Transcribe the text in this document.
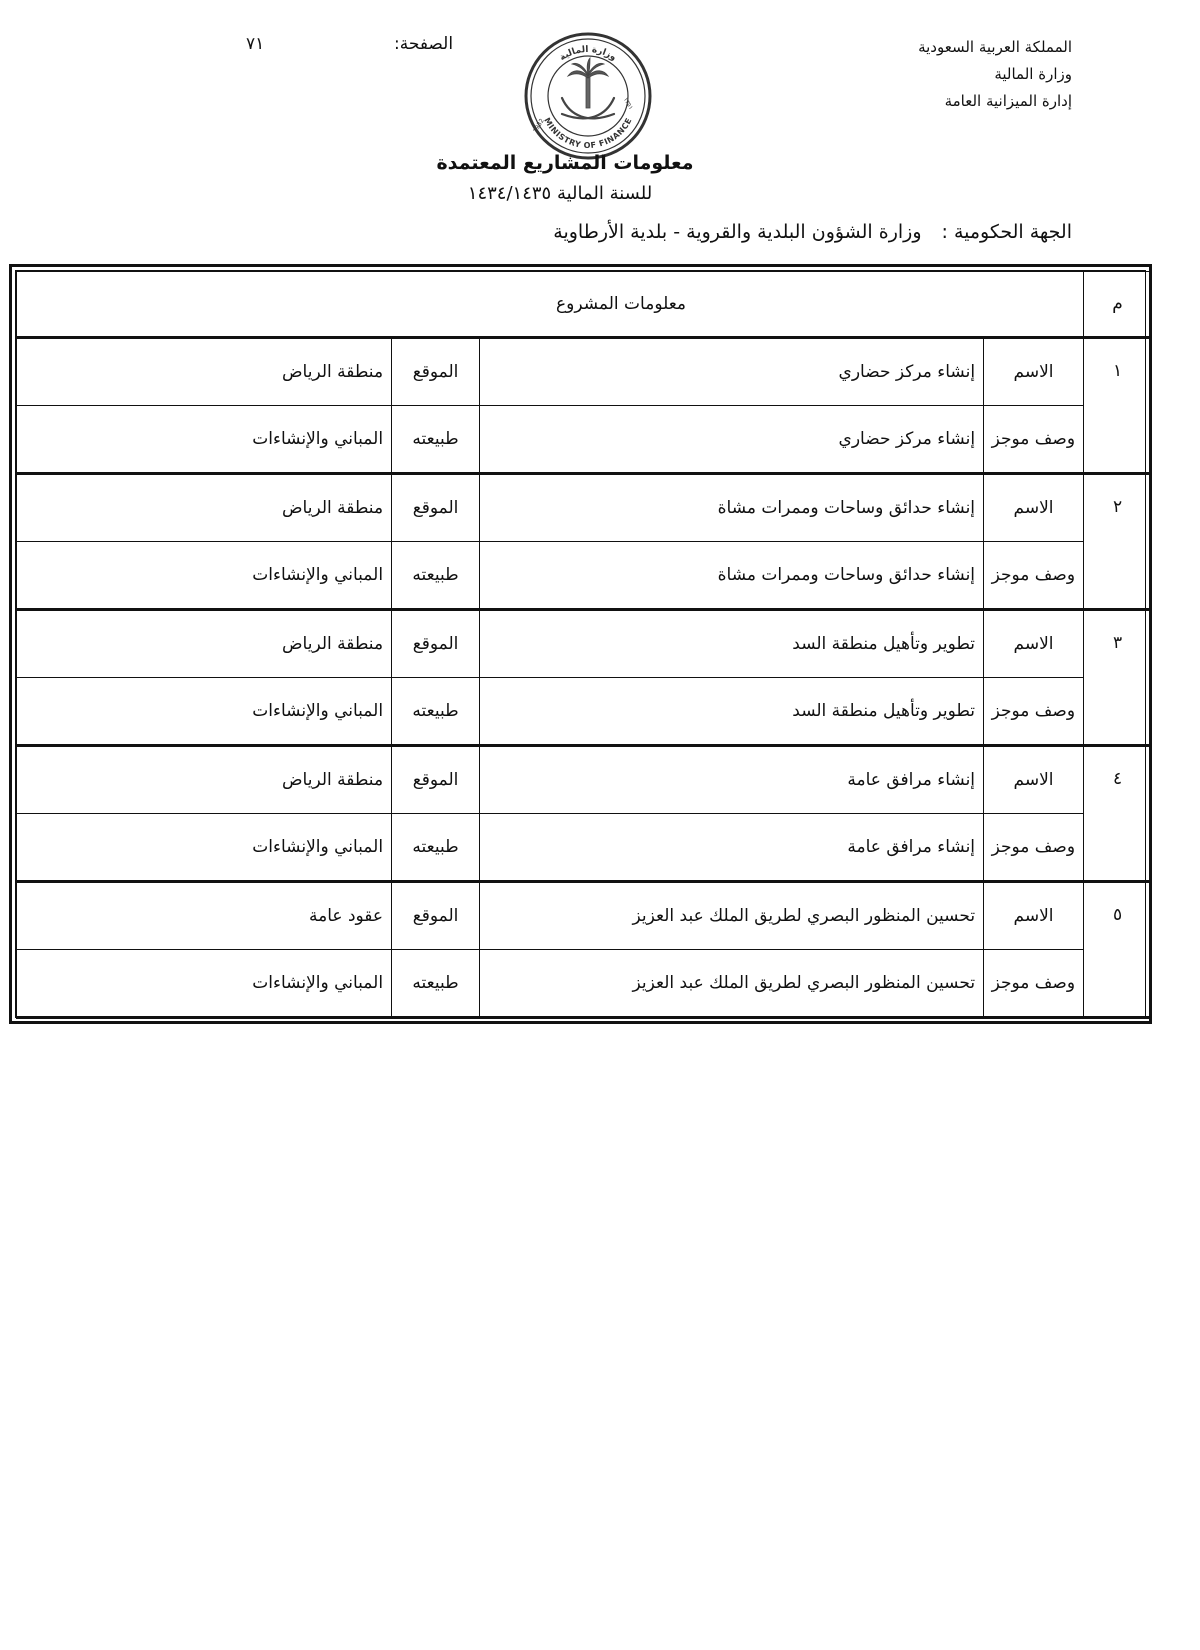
المملكة العربية السعودية
وزارة المالية
إدارة الميزانية العامة
الصفحة:
٧١
وزارة المالية
MINISTRY OF FINANCE
1932
١٣٥١
معلومات المشاريع المعتمدة
للسنة المالية ١٤٣٤/١٤٣٥
الجهة الحكومية :وزارة الشؤون البلدية والقروية - بلدية الأرطاوية
م	معلومات المشروع			
١	الاسم	إنشاء مركز حضاري	الموقع	منطقة الرياض
	وصف موجز	إنشاء مركز حضاري	طبيعته	المباني والإنشاءات
٢	الاسم	إنشاء حدائق وساحات وممرات مشاة	الموقع	منطقة الرياض
	وصف موجز	إنشاء حدائق وساحات وممرات مشاة	طبيعته	المباني والإنشاءات
٣	الاسم	تطوير وتأهيل منطقة السد	الموقع	منطقة الرياض
	وصف موجز	تطوير وتأهيل منطقة السد	طبيعته	المباني والإنشاءات
٤	الاسم	إنشاء مرافق عامة	الموقع	منطقة الرياض
	وصف موجز	إنشاء مرافق عامة	طبيعته	المباني والإنشاءات
٥	الاسم	تحسين المنظور البصري لطريق الملك عبد العزيز	الموقع	عقود عامة
	وصف موجز	تحسين المنظور البصري لطريق الملك عبد العزيز	طبيعته	المباني والإنشاءات
